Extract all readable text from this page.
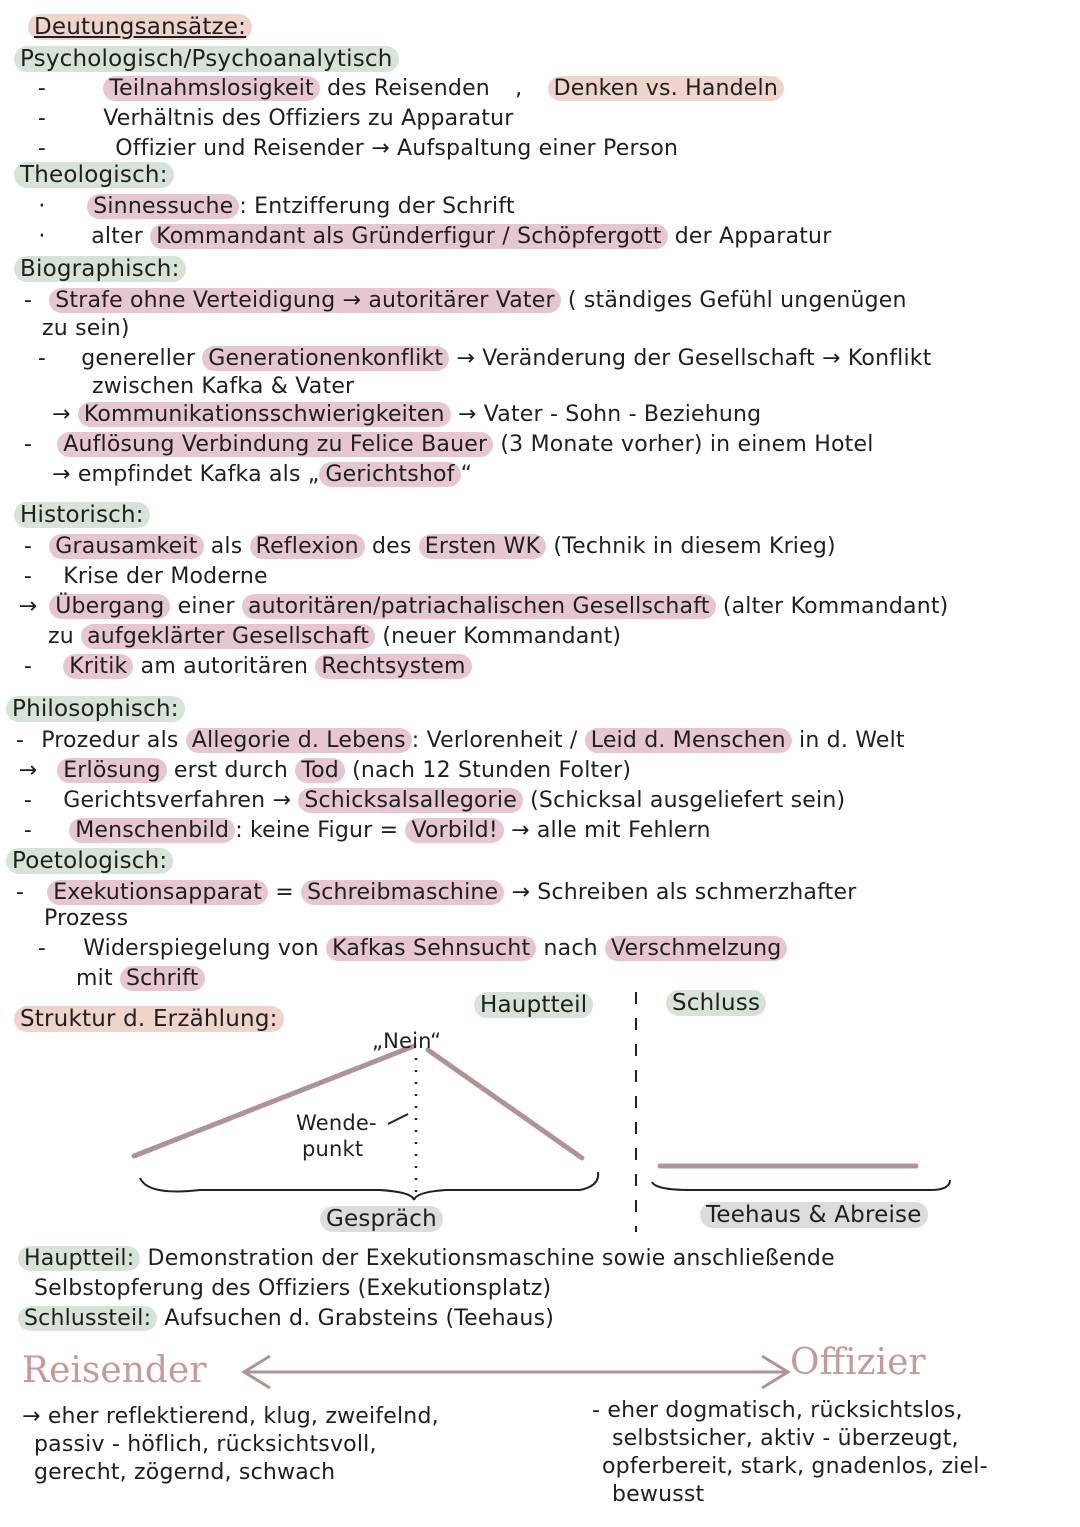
Deutungsansätze:
Psychologisch/Psychoanalytisch
-	Teilnahmslosigkeit des Reisenden , Denken vs. Handeln
-	Verhältnis des Offiziers zu Apparatur
-	Offizier und Reisender → Aufspaltung einer Person
Theologisch:
· Sinnessuche : Entzifferung der Schrift
· alter Kommandant als Gründerfigur / Schöpfergott der Apparatur
Biographisch:
- Strafe ohne Verteidigung → autoritärer Vater ( ständiges Gefühl ungenügen
zu sein)
- genereller Generationenkonflikt → Veränderung der Gesellschaft → Konflikt
zwischen Kafka & Vater
→ Kommunikationsschwierigkeiten → Vater - Sohn - Beziehung
- Auflösung Verbindung zu Felice Bauer (3 Monate vorher) in einem Hotel
→ empfindet Kafka als „ Gerichtshof “
Historisch:
- Grausamkeit als Reflexion des Ersten WK (Technik in diesem Krieg)
- Krise der Moderne
→ Übergang einer autoritären/patriachalischen Gesellschaft (alter Kommandant)
zu aufgeklärter Gesellschaft (neuer Kommandant)
- Kritik am autoritären Rechtsystem
Philosophisch:
- Prozedur als Allegorie d. Lebens : Verlorenheit / Leid d. Menschen in d. Welt
→ Erlösung erst durch Tod (nach 12 Stunden Folter)
- Gerichtsverfahren → Schicksalsallegorie (Schicksal ausgeliefert sein)
- Menschenbild : keine Figur = Vorbild! → alle mit Fehlern
Poetologisch:
- Exekutionsapparat = Schreibmaschine → Schreiben als schmerzhafter
Prozess
- Widerspiegelung von Kafkas Sehnsucht nach Verschmelzung
mit Schrift
Struktur d. Erzählung:
Hauptteil	Schluss
„Nein“
Wende-
punkt
Gespräch	Teehaus & Abreise
Hauptteil: Demonstration der Exekutionsmaschine sowie anschließende
Selbstopferung des Offiziers (Exekutionsplatz)
Schlussteil: Aufsuchen d. Grabsteins (Teehaus)
Reisender	Offizier
→ eher reflektierend, klug, zweifelnd,
passiv - höflich, rücksichtsvoll,
gerecht, zögernd, schwach
- eher dogmatisch, rücksichtslos,
selbstsicher, aktiv - überzeugt,
opferbereit, stark, gnadenlos, ziel-
bewusst
